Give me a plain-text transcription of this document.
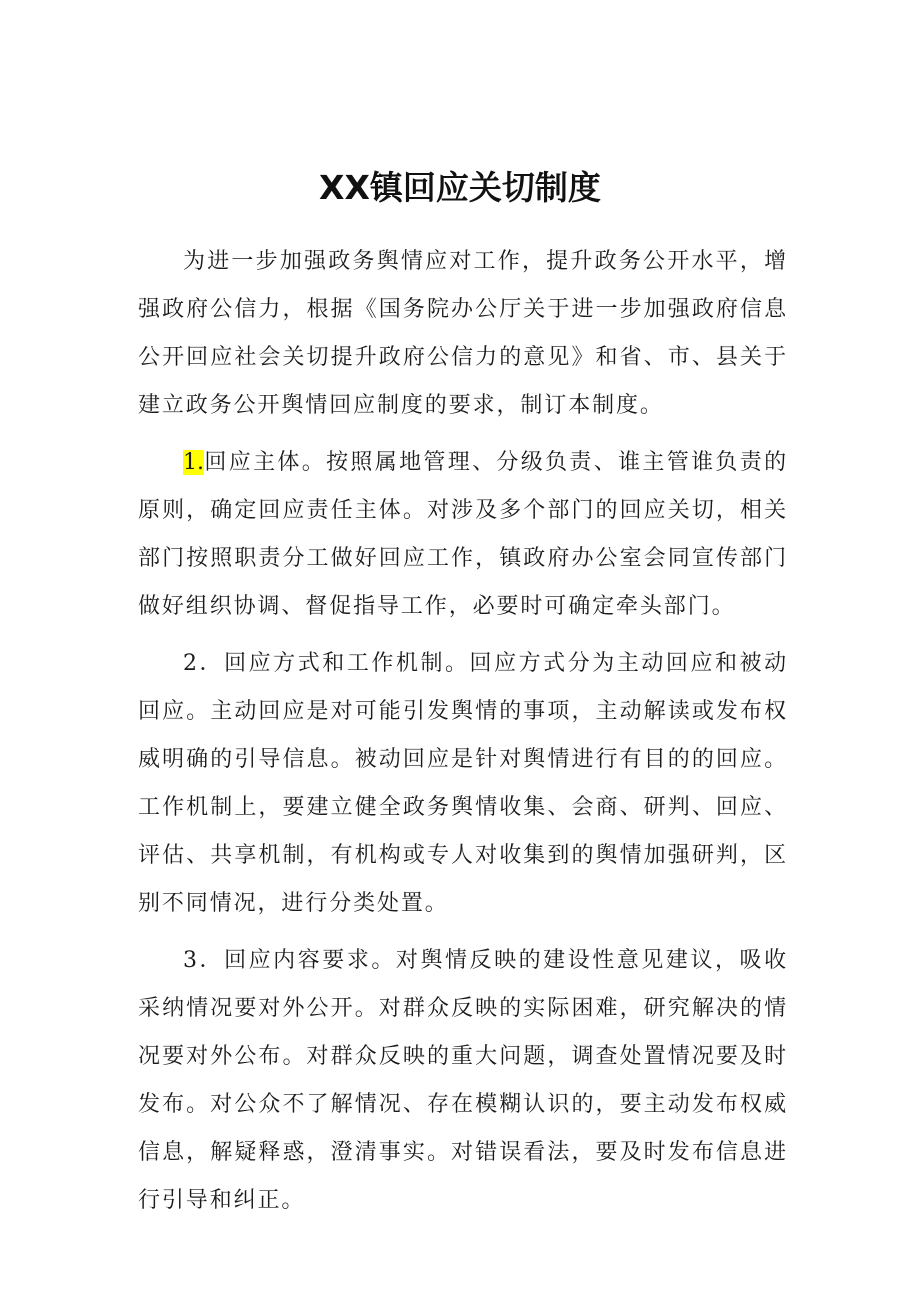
XX镇回应关切制度

为进一步加强政务舆情应对工作，提升政务公开水平，增强政府公信力，根据《国务院办公厅关于进一步加强政府信息公开回应社会关切提升政府公信力的意见》和省、市、县关于建立政务公开舆情回应制度的要求，制订本制度。

1.回应主体。按照属地管理、分级负责、谁主管谁负责的原则，确定回应责任主体。对涉及多个部门的回应关切，相关部门按照职责分工做好回应工作，镇政府办公室会同宣传部门做好组织协调、督促指导工作，必要时可确定牵头部门。

2．回应方式和工作机制。回应方式分为主动回应和被动回应。主动回应是对可能引发舆情的事项，主动解读或发布权威明确的引导信息。被动回应是针对舆情进行有目的的回应。工作机制上，要建立健全政务舆情收集、会商、研判、回应、评估、共享机制，有机构或专人对收集到的舆情加强研判，区别不同情况，进行分类处置。

3．回应内容要求。对舆情反映的建设性意见建议，吸收采纳情况要对外公开。对群众反映的实际困难，研究解决的情况要对外公布。对群众反映的重大问题，调查处置情况要及时发布。对公众不了解情况、存在模糊认识的，要主动发布权威信息，解疑释惑，澄清事实。对错误看法，要及时发布信息进行引导和纠正。
